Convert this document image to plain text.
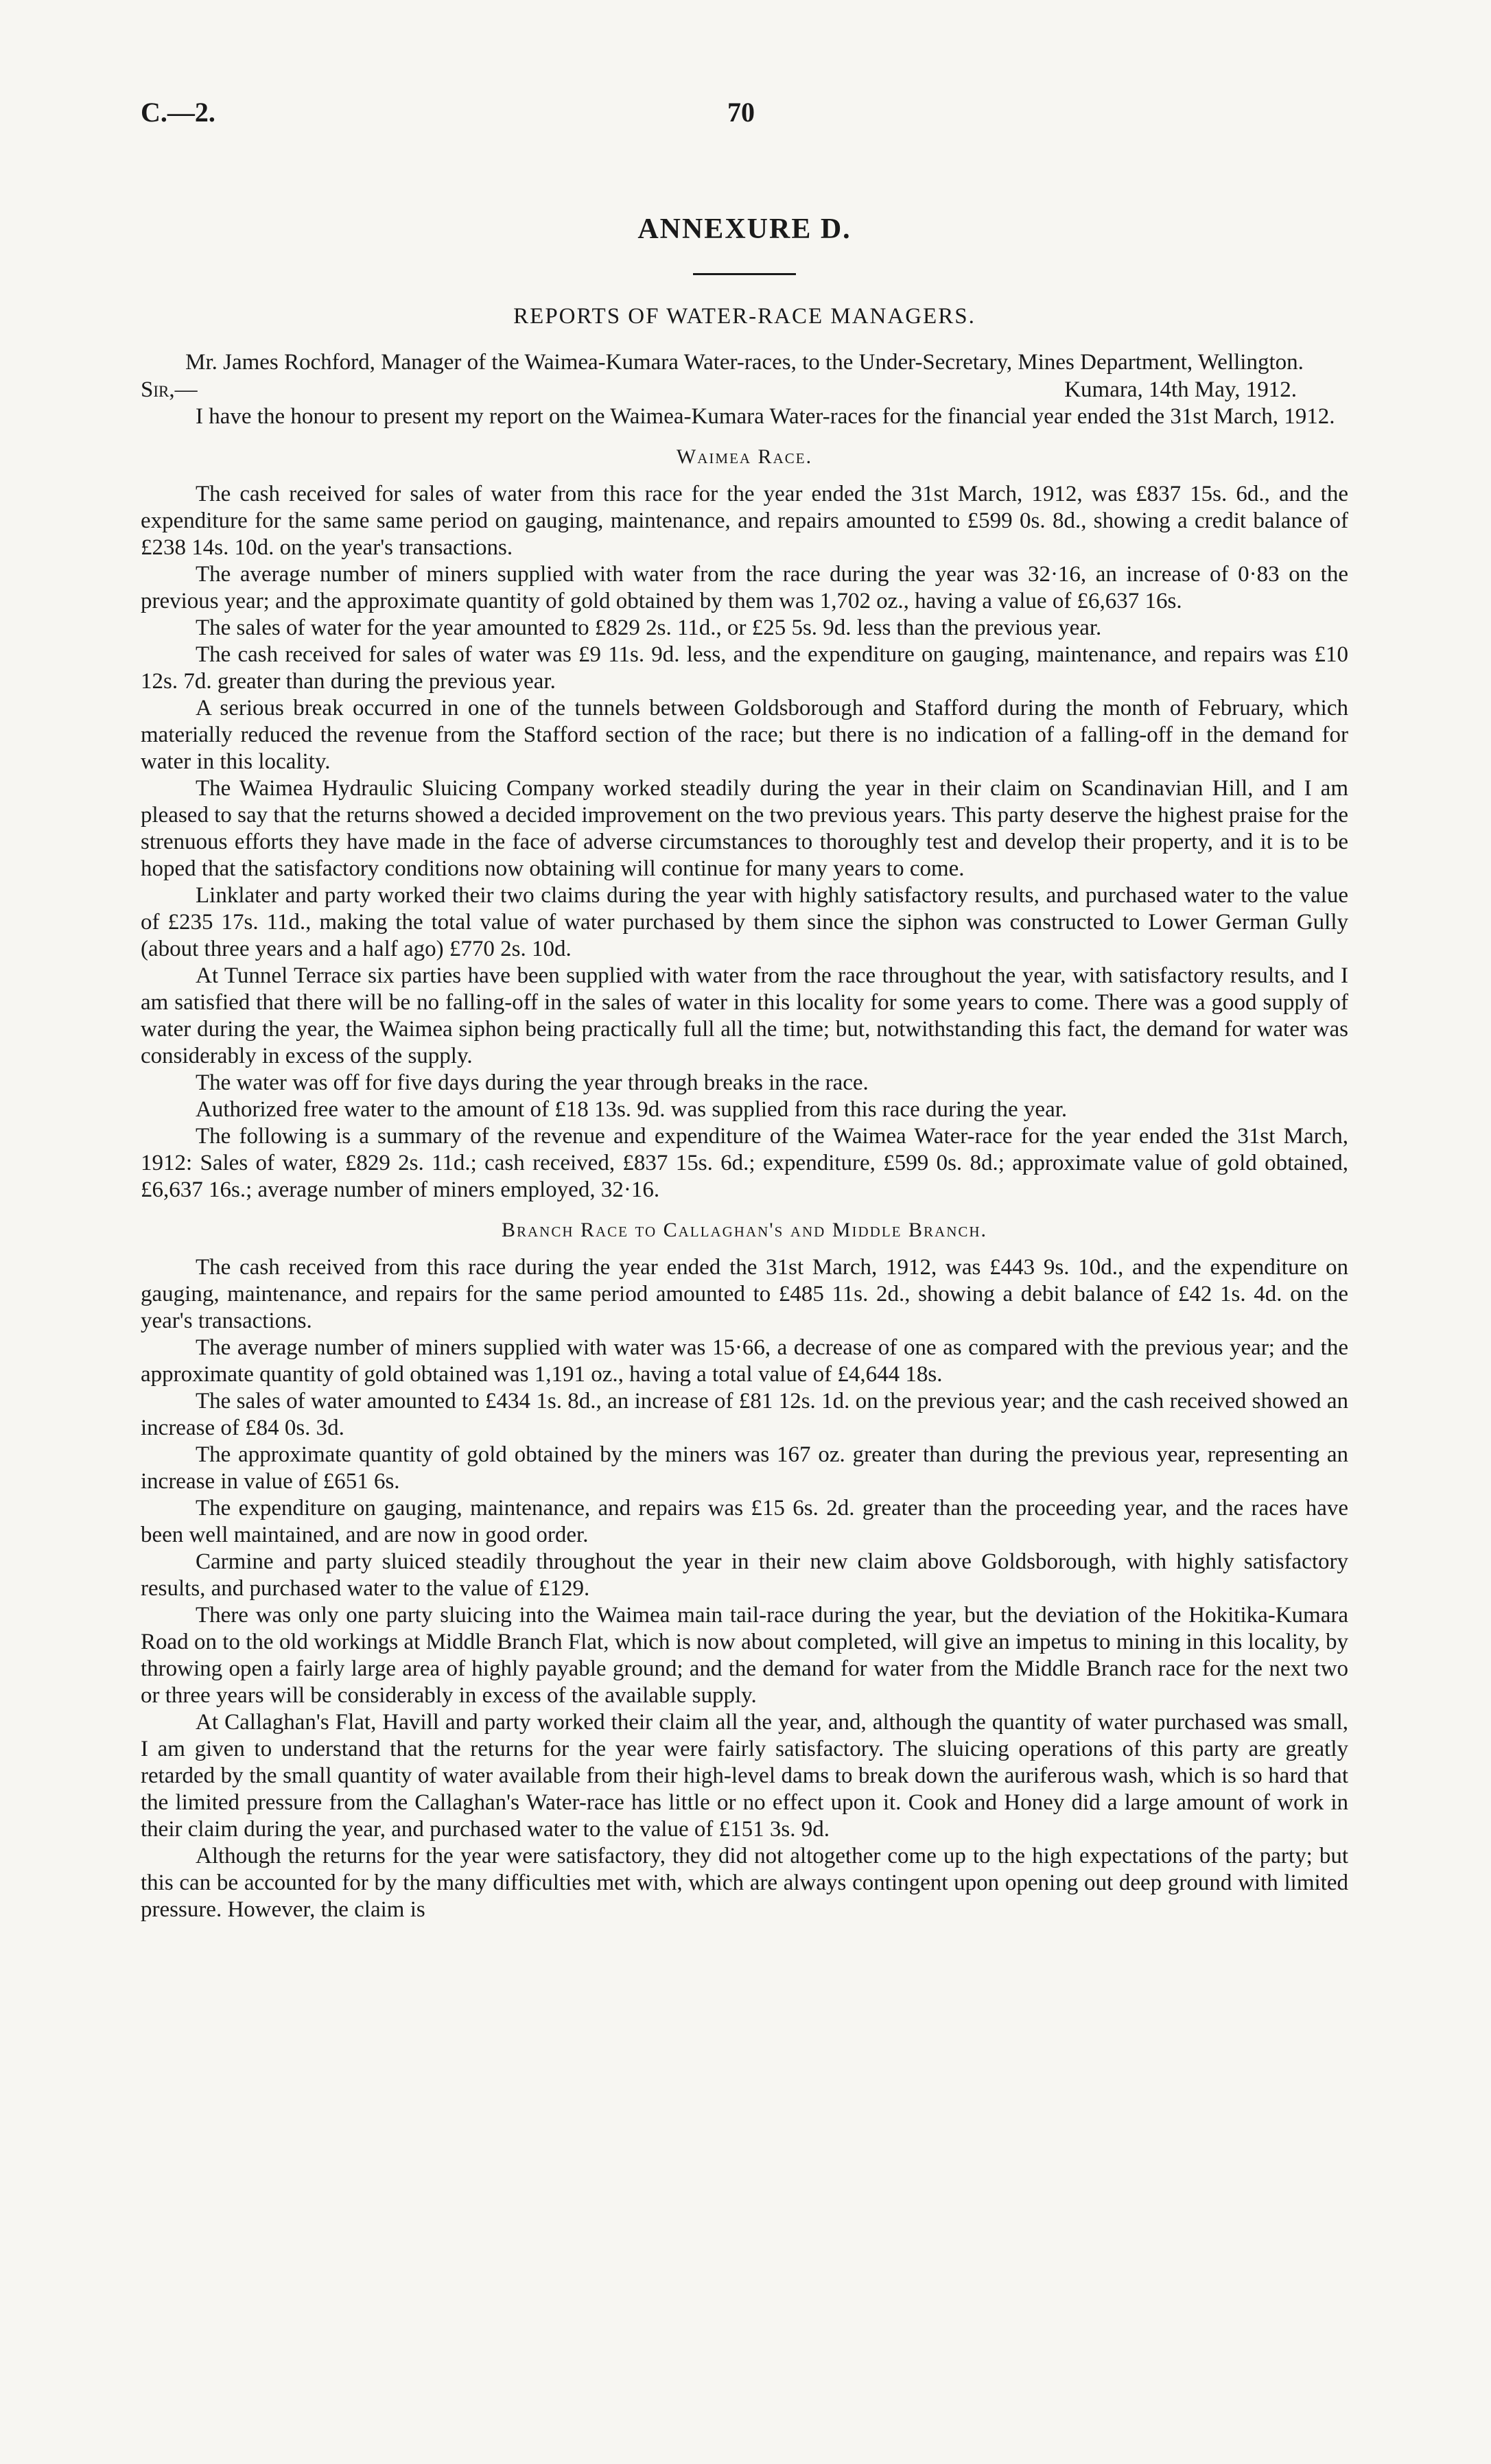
C.—2.	70
ANNEXURE D.
REPORTS OF WATER-RACE MANAGERS.
Mr. James Rochford, Manager of the Waimea-Kumara Water-races, to the Under-Secretary, Mines Department, Wellington.
Sir,—	Kumara, 14th May, 1912.

I have the honour to present my report on the Waimea-Kumara Water-races for the financial year ended the 31st March, 1912.

Waimea Race.

The cash received for sales of water from this race for the year ended the 31st March, 1912, was £837 15s. 6d., and the expenditure for the same same period on gauging, maintenance, and repairs amounted to £599 0s. 8d., showing a credit balance of £238 14s. 10d. on the year's transactions.

The average number of miners supplied with water from the race during the year was 32·16, an increase of 0·83 on the previous year; and the approximate quantity of gold obtained by them was 1,702 oz., having a value of £6,637 16s.

The sales of water for the year amounted to £829 2s. 11d., or £25 5s. 9d. less than the previous year.

The cash received for sales of water was £9 11s. 9d. less, and the expenditure on gauging, maintenance, and repairs was £10 12s. 7d. greater than during the previous year.

A serious break occurred in one of the tunnels between Goldsborough and Stafford during the month of February, which materially reduced the revenue from the Stafford section of the race; but there is no indication of a falling-off in the demand for water in this locality.

The Waimea Hydraulic Sluicing Company worked steadily during the year in their claim on Scandinavian Hill, and I am pleased to say that the returns showed a decided improvement on the two previous years. This party deserve the highest praise for the strenuous efforts they have made in the face of adverse circumstances to thoroughly test and develop their property, and it is to be hoped that the satisfactory conditions now obtaining will continue for many years to come.

Linklater and party worked their two claims during the year with highly satisfactory results, and purchased water to the value of £235 17s. 11d., making the total value of water purchased by them since the siphon was constructed to Lower German Gully (about three years and a half ago) £770 2s. 10d.

At Tunnel Terrace six parties have been supplied with water from the race throughout the year, with satisfactory results, and I am satisfied that there will be no falling-off in the sales of water in this locality for some years to come. There was a good supply of water during the year, the Waimea siphon being practically full all the time; but, notwithstanding this fact, the demand for water was considerably in excess of the supply.

The water was off for five days during the year through breaks in the race.

Authorized free water to the amount of £18 13s. 9d. was supplied from this race during the year.

The following is a summary of the revenue and expenditure of the Waimea Water-race for the year ended the 31st March, 1912: Sales of water, £829 2s. 11d.; cash received, £837 15s. 6d.; expenditure, £599 0s. 8d.; approximate value of gold obtained, £6,637 16s.; average number of miners employed, 32·16.

Branch Race to Callaghan's and Middle Branch.

The cash received from this race during the year ended the 31st March, 1912, was £443 9s. 10d., and the expenditure on gauging, maintenance, and repairs for the same period amounted to £485 11s. 2d., showing a debit balance of £42 1s. 4d. on the year's transactions.

The average number of miners supplied with water was 15·66, a decrease of one as compared with the previous year; and the approximate quantity of gold obtained was 1,191 oz., having a total value of £4,644 18s.

The sales of water amounted to £434 1s. 8d., an increase of £81 12s. 1d. on the previous year; and the cash received showed an increase of £84 0s. 3d.

The approximate quantity of gold obtained by the miners was 167 oz. greater than during the previous year, representing an increase in value of £651 6s.

The expenditure on gauging, maintenance, and repairs was £15 6s. 2d. greater than the proceeding year, and the races have been well maintained, and are now in good order.

Carmine and party sluiced steadily throughout the year in their new claim above Goldsborough, with highly satisfactory results, and purchased water to the value of £129.

There was only one party sluicing into the Waimea main tail-race during the year, but the deviation of the Hokitika-Kumara Road on to the old workings at Middle Branch Flat, which is now about completed, will give an impetus to mining in this locality, by throwing open a fairly large area of highly payable ground; and the demand for water from the Middle Branch race for the next two or three years will be considerably in excess of the available supply.

At Callaghan's Flat, Havill and party worked their claim all the year, and, although the quantity of water purchased was small, I am given to understand that the returns for the year were fairly satisfactory. The sluicing operations of this party are greatly retarded by the small quantity of water available from their high-level dams to break down the auriferous wash, which is so hard that the limited pressure from the Callaghan's Water-race has little or no effect upon it. Cook and Honey did a large amount of work in their claim during the year, and purchased water to the value of £151 3s. 9d.

Although the returns for the year were satisfactory, they did not altogether come up to the high expectations of the party; but this can be accounted for by the many difficulties met with, which are always contingent upon opening out deep ground with limited pressure. However, the claim is
